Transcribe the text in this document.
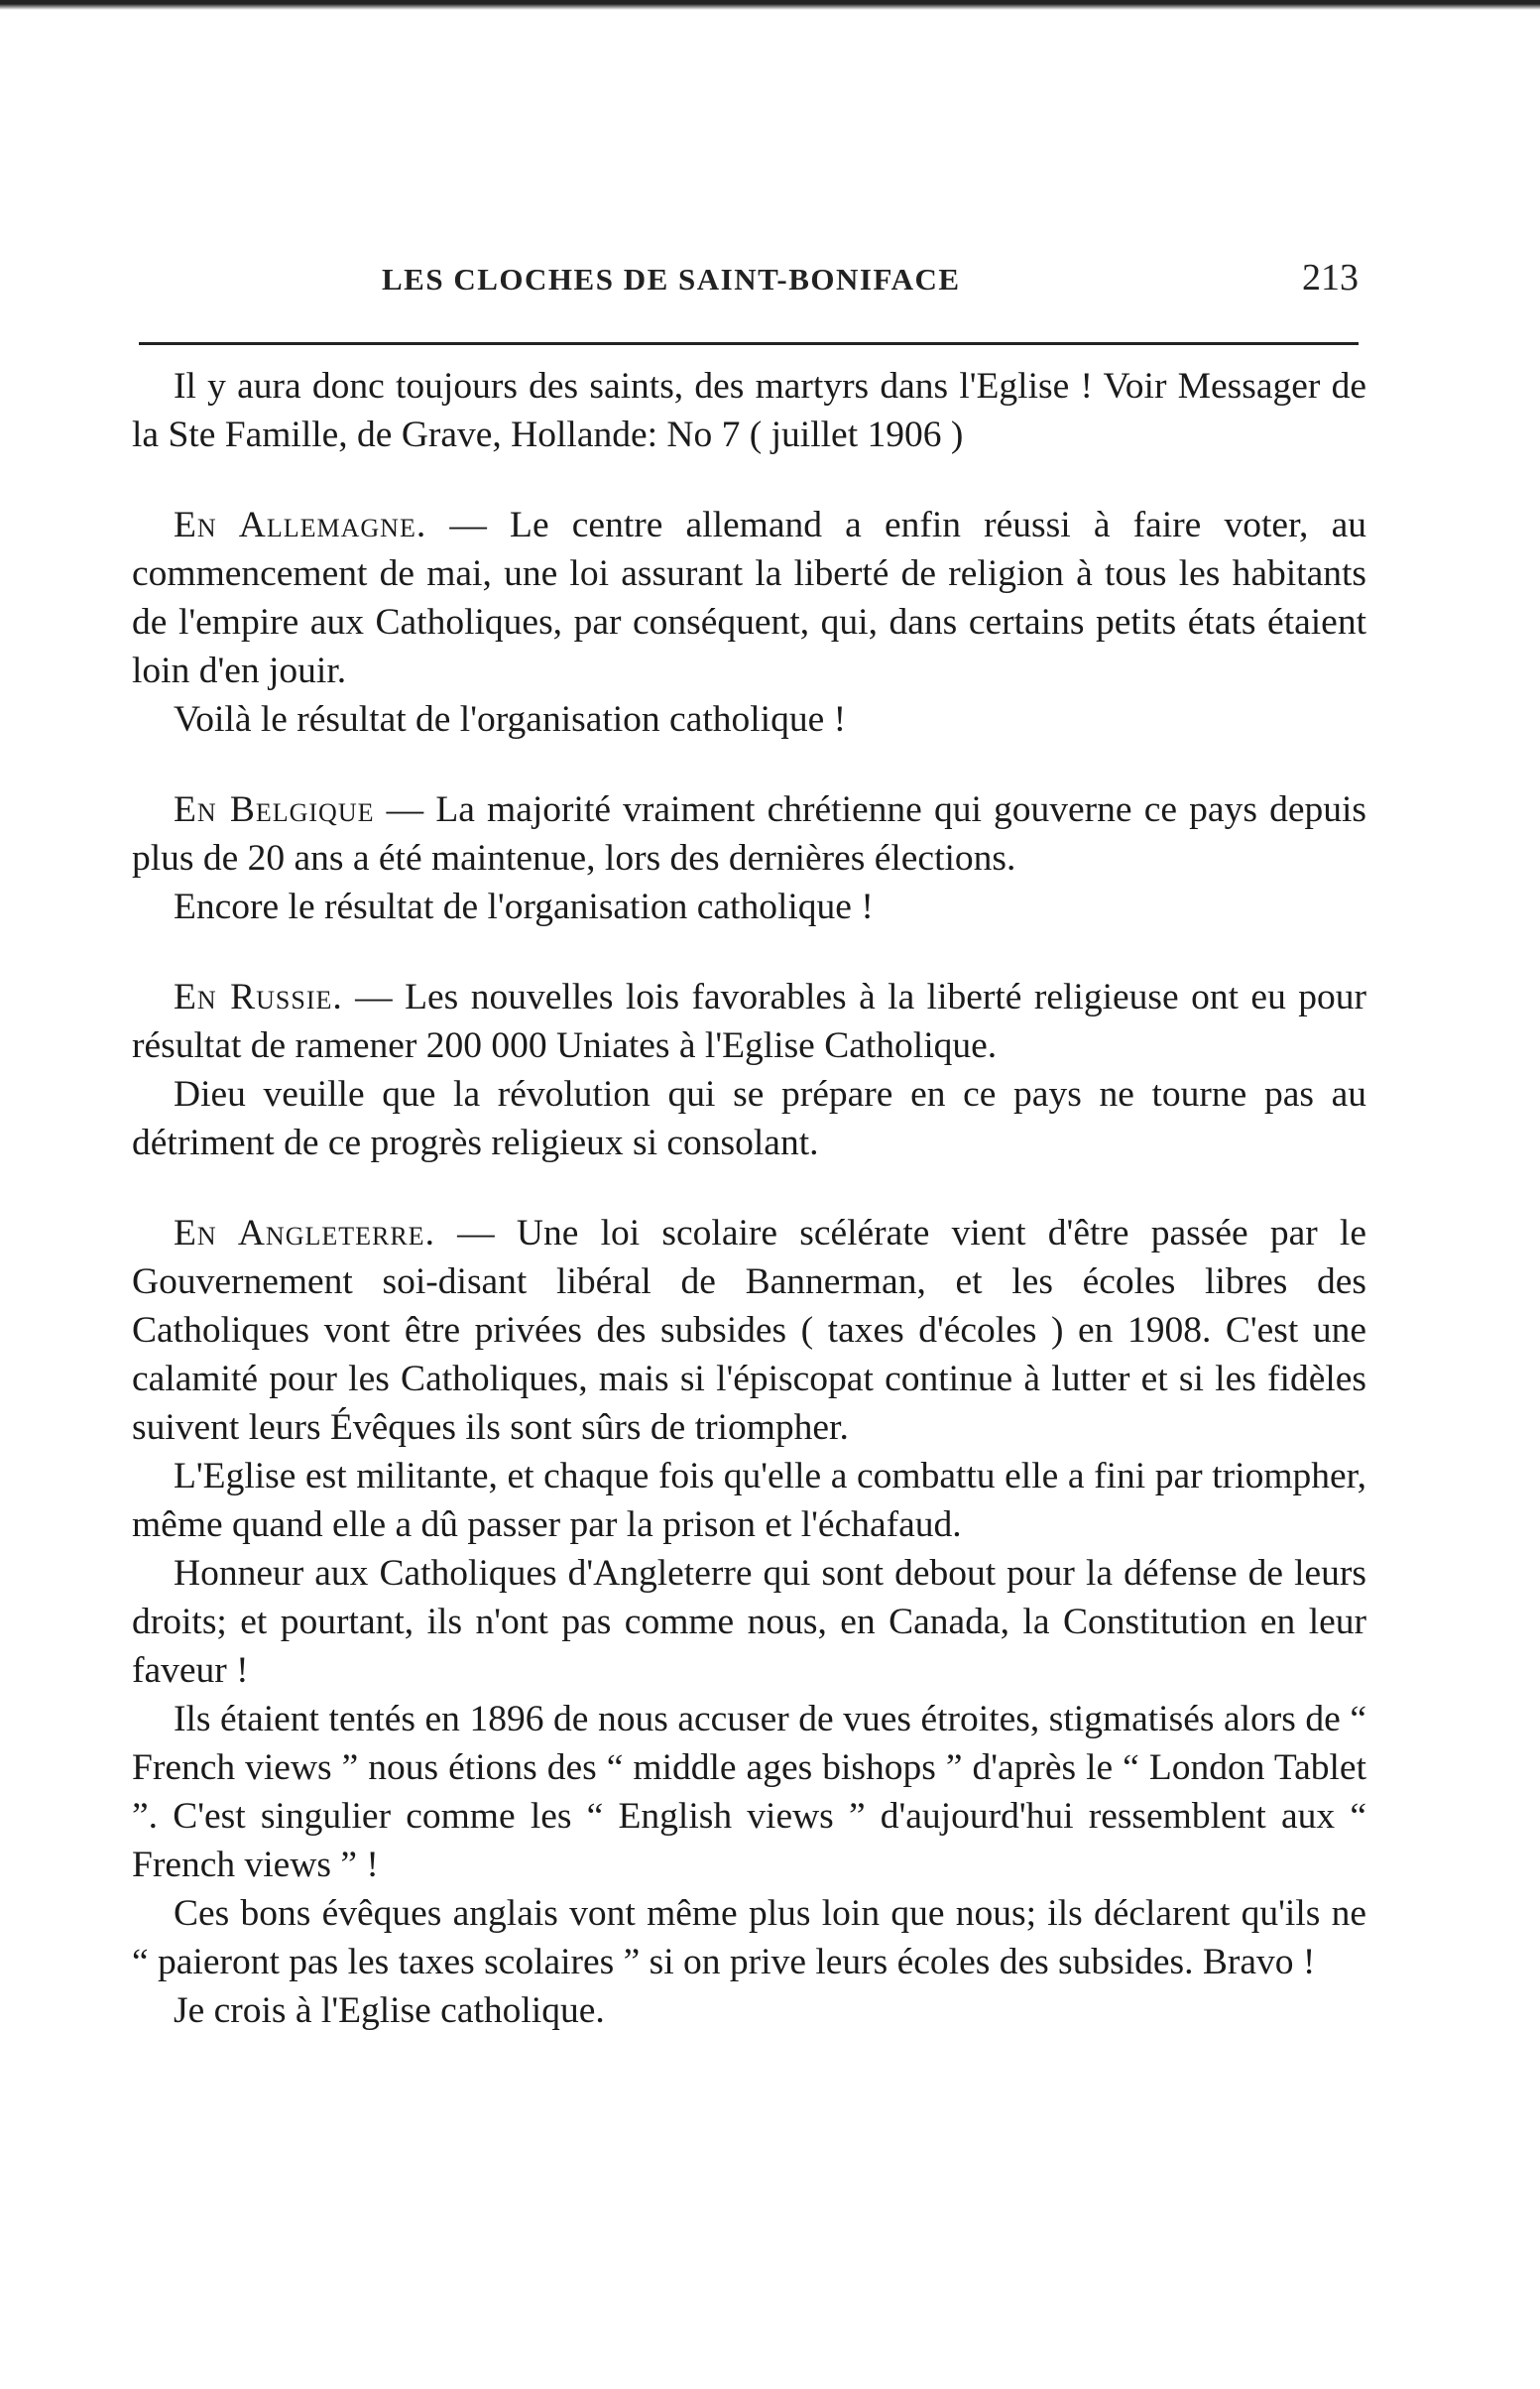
LES CLOCHES DE SAINT-BONIFACE	213

Il y aura donc toujours des saints, des martyrs dans l'Eglise ! Voir Messager de la Ste Famille, de Grave, Hollande: No 7 ( juillet 1906 )

En Allemagne. — Le centre allemand a enfin réussi à faire voter, au commencement de mai, une loi assurant la liberté de religion à tous les habitants de l'empire aux Catholiques, par conséquent, qui, dans certains petits états étaient loin d'en jouir.

Voilà le résultat de l'organisation catholique !

En Belgique — La majorité vraiment chrétienne qui gouverne ce pays depuis plus de 20 ans a été maintenue, lors des dernières élections.

Encore le résultat de l'organisation catholique !

En Russie. — Les nouvelles lois favorables à la liberté religieuse ont eu pour résultat de ramener 200 000 Uniates à l'Eglise Catholique.

Dieu veuille que la révolution qui se prépare en ce pays ne tourne pas au détriment de ce progrès religieux si consolant.

En Angleterre. — Une loi scolaire scélérate vient d'être passée par le Gouvernement soi-disant libéral de Bannerman, et les écoles libres des Catholiques vont être privées des subsides ( taxes d'écoles ) en 1908. C'est une calamité pour les Catholiques, mais si l'épiscopat continue à lutter et si les fidèles suivent leurs Évêques ils sont sûrs de triompher.

L'Eglise est militante, et chaque fois qu'elle a combattu elle a fini par triompher, même quand elle a dû passer par la prison et l'échafaud.

Honneur aux Catholiques d'Angleterre qui sont debout pour la défense de leurs droits; et pourtant, ils n'ont pas comme nous, en Canada, la Constitution en leur faveur !

Ils étaient tentés en 1896 de nous accuser de vues étroites, stigmatisés alors de “ French views ” nous étions des “ middle ages bishops ” d'après le “ London Tablet ”. C'est singulier comme les “ English views ” d'aujourd'hui ressemblent aux “ French views ” !

Ces bons évêques anglais vont même plus loin que nous; ils déclarent qu'ils ne “ paieront pas les taxes scolaires ” si on prive leurs écoles des subsides. Bravo !

Je crois à l'Eglise catholique.
